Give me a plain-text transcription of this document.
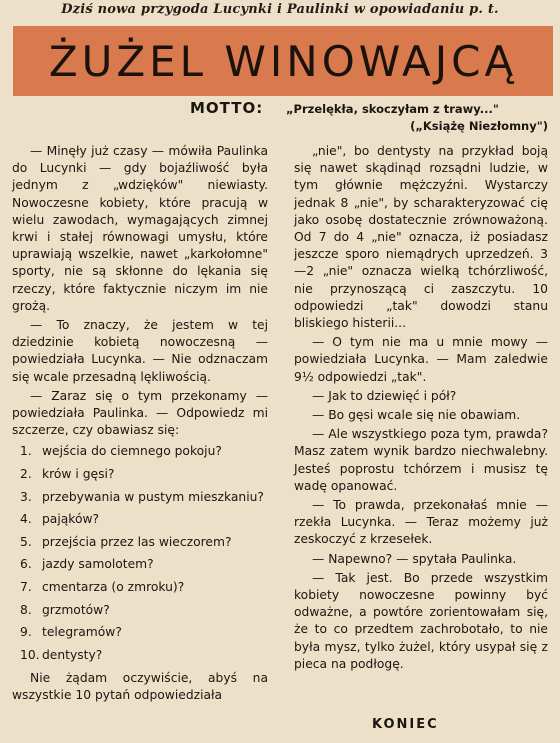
Dziś nowa przygoda Lucynki i Paulinki w opowiadaniu p. t.
ŻUŻEL WINOWAJCĄ
MOTTO: „Przelękła, skoczyłam z trawy..."
(„Książę Niezłomny")

— Minęły już czasy — mówiła Paulinka do Lucynki — gdy bojaźliwość była jednym z „wdzięków" niewiasty. Nowoczesne kobiety, które pracują w wielu zawodach, wymagających zimnej krwi i stałej równowagi umysłu, które uprawiają wszelkie, nawet „karkołomne" sporty, nie są skłonne do lękania się rzeczy, które faktycznie niczym im nie grożą.

— To znaczy, że jestem w tej dziedzinie kobietą nowoczesną — powiedziała Lucynka. — Nie odznaczam się wcale przesadną lękliwością.

— Zaraz się o tym przekonamy — powiedziała Paulinka. — Odpowiedz mi szczerze, czy obawiasz się:

1. wejścia do ciemnego pokoju?
2. krów i gęsi?
3. przebywania w pustym mieszkaniu?
4. pająków?
5. przejścia przez las wieczorem?
6. jazdy samolotem?
7. cmentarza (o zmroku)?
8. grzmotów?
9. telegramów?
10. dentysty?

Nie żądam oczywiście, abyś na wszystkie 10 pytań odpowiedziała

„nie", bo dentysty na przykład boją się nawet skądinąd rozsądni ludzie, w tym głównie mężczyźni. Wystarczy jednak 8 „nie", by scharakteryzować cię jako osobę dostatecznie zrównoważoną. Od 7 do 4 „nie" oznacza, iż posiadasz jeszcze sporo niemądrych uprzedzeń. 3—2 „nie" oznacza wielką tchórzliwość, nie przynoszącą ci zaszczytu. 10 odpowiedzi „tak" dowodzi stanu bliskiego histerii...

— O tym nie ma u mnie mowy — powiedziała Lucynka. — Mam zaledwie 9½ odpowiedzi „tak".

— Jak to dziewięć i pół?

— Bo gęsi wcale się nie obawiam.

— Ale wszystkiego poza tym, prawda? Masz zatem wynik bardzo niechwalebny. Jesteś poprostu tchórzem i musisz tę wadę opanować.

— To prawda, przekonałaś mnie — rzekła Lucynka. — Teraz możemy już zeskoczyć z krzesełek.

— Napewno? — spytała Paulinka.

— Tak jest. Bo przede wszystkim kobiety nowoczesne powinny być odważne, a powtóre zorientowałam się, że to co przedtem zachrobotało, to nie była mysz, tylko żużel, który usypał się z pieca na podłogę.

KONIEC
